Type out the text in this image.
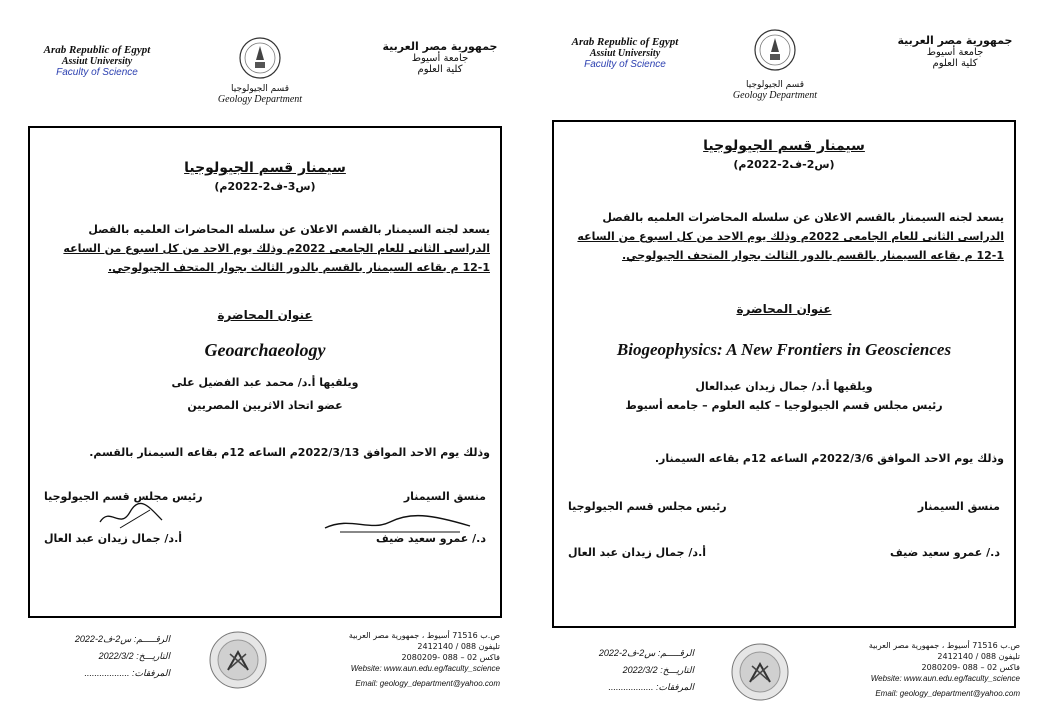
Arab Republic of Egypt
Assiut University
Faculty of Science
قسم الجيولوجيا
Geology Department
جمهورية مصر العربية
جامعة أسيوط
كلية العلوم
سيمنار قسم الجيولوجيا
(س3-ف2-2022م)
يسعد لجنه السيمنار بالقسم الاعلان عن سلسله المحاضرات العلميه بالفصل
الدراسى الثانى للعام الجامعى 2022م وذلك يوم الاحد من كل اسبوع من الساعه
12-1 م بقاعه السيمنار بالقسم بالدور الثالث بجوار المتحف الجيولوجي.
عنوان المحاضرة
Geoarchaeology
ويلقيها أ.د/ محمد عبد الفضيل على
عضو اتحاد الاثريين المصريين
وذلك يوم الاحد الموافق 2022/3/13م الساعه 12م بقاعه السيمنار بالقسم.
منسق السيمنار
رئيس مجلس قسم الجيولوجيا
د./ عمرو سعيد ضيف
أ.د/ جمال زيدان عبد العال
الرقـــــم: س2-ف2-2022
التاريـــخ: 2022/3/2
المرفقات: ..................
ص.ب 71516 أسيوط ، جمهورية مصر العربية
تليفون 088 / 2412140
فاكس 02 – 088 -2080209
Website: www.aun.edu.eg/faculty_science
Email: geology_department@yahoo.com
Arab Republic of Egypt
Assiut University
Faculty of Science
قسم الجيولوجيا
Geology Department
جمهورية مصر العربية
جامعة أسيوط
كلية العلوم
سيمنار قسم الجيولوجيا
(س2-ف2-2022م)
يسعد لجنه السيمنار بالقسم الاعلان عن سلسله المحاضرات العلميه بالفصل
الدراسى الثانى للعام الجامعى 2022م وذلك يوم الاحد من كل اسبوع من الساعه
12-1 م بقاعه السيمنار بالقسم بالدور الثالث بجوار المتحف الجيولوجي.
عنوان المحاضرة
Biogeophysics: A New Frontiers in Geosciences
ويلقيها أ.د/ جمال زيدان عبدالعال
رئيس مجلس قسم الجيولوجيا – كليه العلوم – جامعه أسيوط
وذلك يوم الاحد الموافق 2022/3/6م الساعه 12م بقاعه السيمنار.
منسق السيمنار
رئيس مجلس قسم الجيولوجيا
د./ عمرو سعيد ضيف
أ.د/ جمال زيدان عبد العال
الرقـــــم: س2-ف2-2022
التاريـــخ: 2022/3/2
المرفقات: ..................
ص.ب 71516 أسيوط ، جمهورية مصر العربية
تليفون 088 / 2412140
فاكس 02 – 088 -2080209
Website: www.aun.edu.eg/faculty_science
Email: geology_department@yahoo.com
